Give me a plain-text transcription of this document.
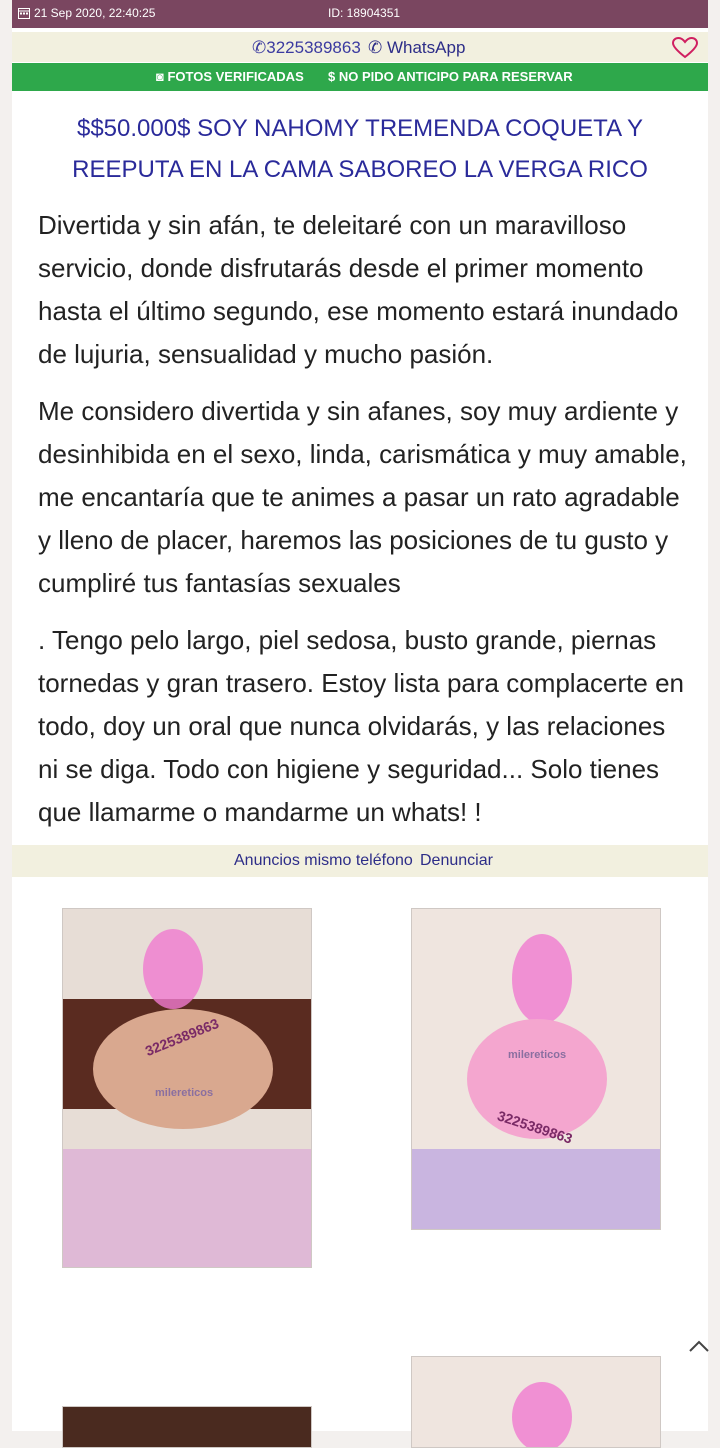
21 Sep 2020, 22:40:25	ID: 18904351
✆3225389863 ✆ WhatsApp
◙ FOTOS VERIFICADAS $ NO PIDO ANTICIPO PARA RESERVAR
$$50.000$ SOY NAHOMY TREMENDA COQUETA Y REEPUTA EN LA CAMA SABOREO LA VERGA RICO

Divertida y sin afán, te deleitaré con un maravilloso servicio, donde disfrutarás desde el primer momento hasta el último segundo, ese momento estará inundado de lujuria, sensualidad y mucho pasión.

Me considero divertida y sin afanes, soy muy ardiente y desinhibida en el sexo, linda, carismática y muy amable, me encantaría que te animes a pasar un rato agradable y lleno de placer, haremos las posiciones de tu gusto y cumpliré tus fantasías sexuales

. Tengo pelo largo, piel sedosa, busto grande, piernas tornedas y gran trasero. Estoy lista para complacerte en todo, doy un oral que nunca olvidarás, y las relaciones ni se diga. Todo con higiene y seguridad... Solo tienes que llamarme o mandarme un whats! !

Anuncios mismo teléfono Denunciar
3225389863
milereticos
3225389863
milereticos
